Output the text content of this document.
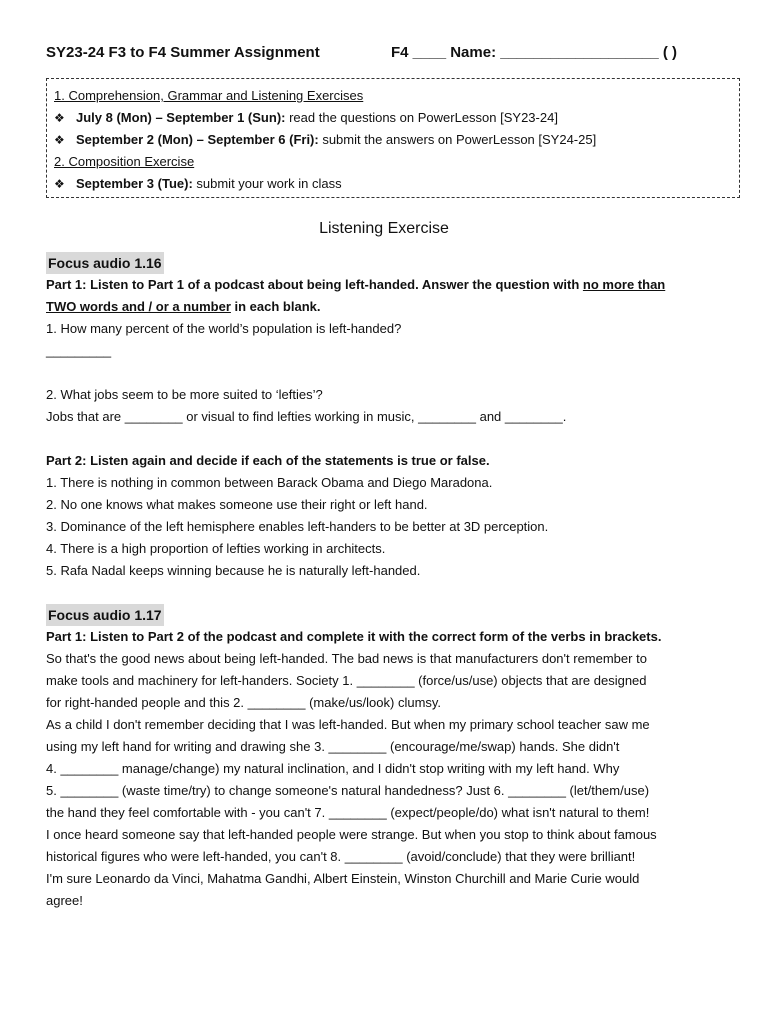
SY23-24 F3 to F4 Summer Assignment	F4 ____ Name: ___________________ ( )
1. Comprehension, Grammar and Listening Exercises
❖ July 8 (Mon) – September 1 (Sun): read the questions on PowerLesson [SY23-24]
❖ September 2 (Mon) – September 6 (Fri): submit the answers on PowerLesson [SY24-25]
2. Composition Exercise
❖ September 3 (Tue): submit your work in class
Listening Exercise
Focus audio 1.16
Part 1: Listen to Part 1 of a podcast about being left-handed. Answer the question with no more than
TWO words and / or a number in each blank.
1. How many percent of the world’s population is left-handed?
_________
2. What jobs seem to be more suited to ‘lefties’?
Jobs that are ________ or visual to find lefties working in music, ________ and ________.
Part 2: Listen again and decide if each of the statements is true or false.
1. There is nothing in common between Barack Obama and Diego Maradona.
2. No one knows what makes someone use their right or left hand.
3. Dominance of the left hemisphere enables left-handers to be better at 3D perception.
4. There is a high proportion of lefties working in architects.
5. Rafa Nadal keeps winning because he is naturally left-handed.
Focus audio 1.17
Part 1: Listen to Part 2 of the podcast and complete it with the correct form of the verbs in brackets.
So that's the good news about being left-handed. The bad news is that manufacturers don't remember to
make tools and machinery for left-handers. Society 1. ________ (force/us/use) objects that are designed
for right-handed people and this 2. ________ (make/us/look) clumsy.
As a child I don't remember deciding that I was left-handed. But when my primary school teacher saw me
using my left hand for writing and drawing she 3. ________ (encourage/me/swap) hands. She didn't
4. ________ manage/change) my natural inclination, and I didn't stop writing with my left hand. Why
5. ________ (waste time/try) to change someone's natural handedness? Just 6. ________ (let/them/use)
the hand they feel comfortable with - you can't 7. ________ (expect/people/do) what isn't natural to them!
I once heard someone say that left-handed people were strange. But when you stop to think about famous
historical figures who were left-handed, you can't 8. ________ (avoid/conclude) that they were brilliant!
I'm sure Leonardo da Vinci, Mahatma Gandhi, Albert Einstein, Winston Churchill and Marie Curie would
agree!
